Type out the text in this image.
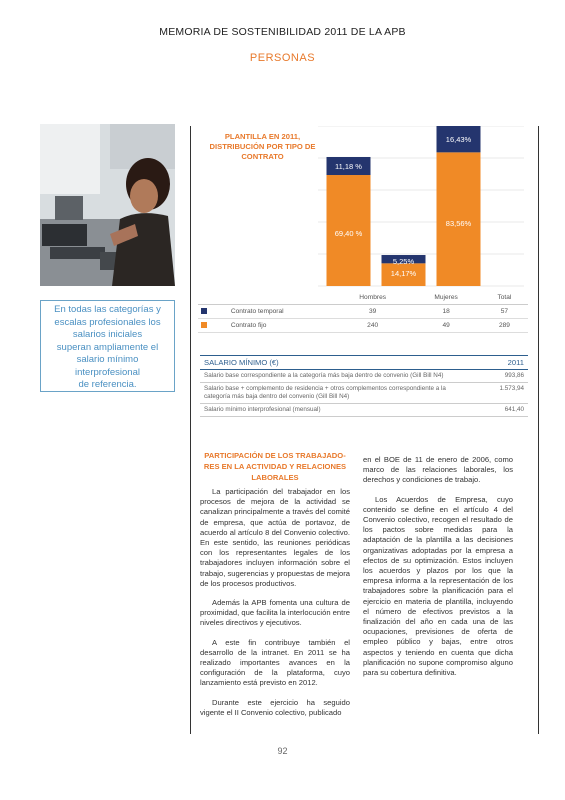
MEMORIA DE SOSTENIBILIDAD 2011 DE LA APB
PERSONAS
En todas las categorías y
escalas profesionales los
salarios iniciales
superan ampliamente el
salario mínimo
interprofesional
de referencia.
PLANTILLA EN 2011,
DISTRIBUCIÓN POR TIPO DE
CONTRATO
69,40 %
11,18 %
14,17%
5,25%
83,56%
16,43%
	Hombres	Mujeres	Total
Contrato temporal	39	18	57
Contrato fijo	240	49	289
SALARIO MÍNIMO (€)	2011
Salario base correspondiente a la categoría más baja dentro de convenio (Gill Bill N4)	993,86
Salario base + complemento de residencia + otros complementos correspondiente a la categoría más baja dentro del convenio (Gill Bill N4)	1.573,94
Salario mínimo interprofesional (mensual)	641,40
PARTICIPACIÓN DE LOS TRABAJADO-
RES EN LA ACTIVIDAD Y RELACIONES
LABORALES

La participación del trabajador en los procesos de mejora de la actividad se canalizan principalmente a través del comité de empresa, que actúa de portavoz, de acuerdo al artículo 8 del Convenio colectivo. En este sentido, las reuniones periódicas con los representantes legales de los trabajadores incluyen información sobre el trabajo, sugerencias y propuestas de mejora de los procesos productivos.

Además la APB fomenta una cultura de proximidad, que facilita la interlocución entre niveles directivos y ejecutivos.

A este fin contribuye también el desarrollo de la intranet. En 2011 se ha realizado importantes avances en la configuración de la plataforma, cuyo lanzamiento está previsto en 2012.

Durante este ejercicio ha seguido vigente el II Convenio colectivo, publicado

en el BOE de 11 de enero de 2006, como marco de las relaciones laborales, los derechos y condiciones de trabajo.

Los Acuerdos de Empresa, cuyo contenido se define en el artículo 4 del Convenio colectivo, recogen el resultado de los pactos sobre medidas para la adaptación de la plantilla a las decisiones organizativas adoptadas por la empresa a efectos de su optimización. Estos incluyen los acuerdos y plazos por los que la empresa informa a la representación de los trabajadores sobre la planificación para el ejercicio en materia de plantilla, incluyendo el número de efectivos previstos a la finalización del año en cada una de las ocupaciones, previsiones de oferta de empleo público y bajas, entre otros aspectos y teniendo en cuenta que dicha planificación no supone compromiso alguno para su cobertura definitiva.

92
